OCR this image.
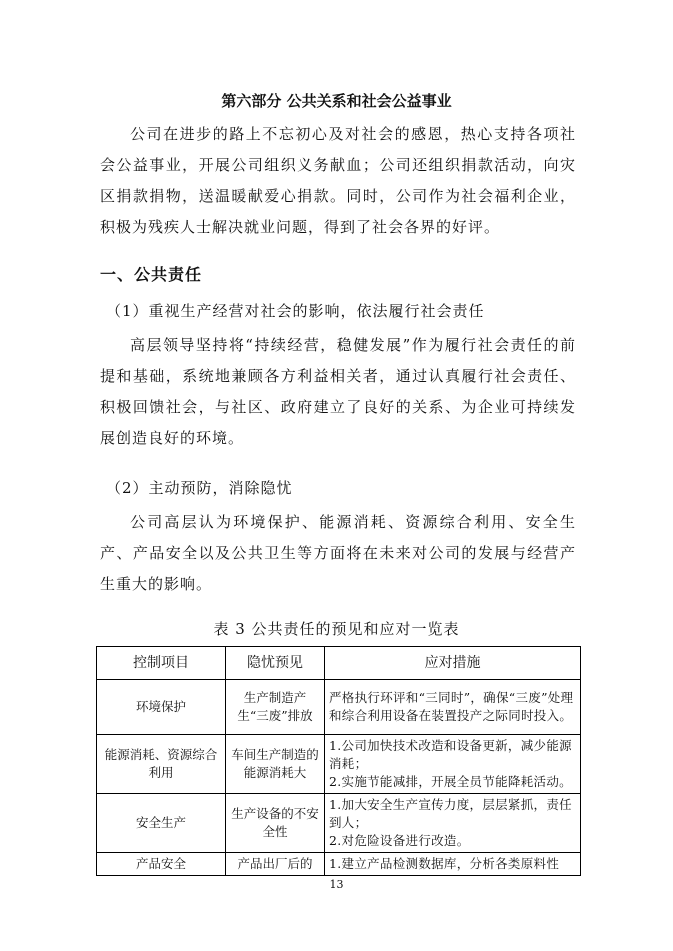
第六部分 公共关系和社会公益事业

公司在进步的路上不忘初心及对社会的感恩，热心支持各项社会公益事业，开展公司组织义务献血；公司还组织捐款活动，向灾区捐款捐物，送温暖献爱心捐款。同时，公司作为社会福利企业，积极为残疾人士解决就业问题，得到了社会各界的好评。

一、公共责任
（1）重视生产经营对社会的影响，依法履行社会责任

高层领导坚持将“持续经营，稳健发展”作为履行社会责任的前提和基础，系统地兼顾各方利益相关者，通过认真履行社会责任、积极回馈社会，与社区、政府建立了良好的关系、为企业可持续发展创造良好的环境。

（2）主动预防，消除隐忧

公司高层认为环境保护、能源消耗、资源综合利用、安全生产、产品安全以及公共卫生等方面将在未来对公司的发展与经营产生重大的影响。

表 3 公共责任的预见和应对一览表
控制项目	隐忧预见	应对措施
环境保护	生产制造产生“三废”排放	严格执行环评和“三同时”，确保“三废”处理和综合利用设备在装置投产之际同时投入。
能源消耗、资源综合利用	车间生产制造的能源消耗大	1.公司加快技术改造和设备更新，减少能源消耗；
2.实施节能减排，开展全员节能降耗活动。
安全生产	生产设备的不安全性	1.加大安全生产宣传力度，层层紧抓，责任到人；
2.对危险设备进行改造。
产品安全	产品出厂后的	1.建立产品检测数据库，分析各类原料性
13
